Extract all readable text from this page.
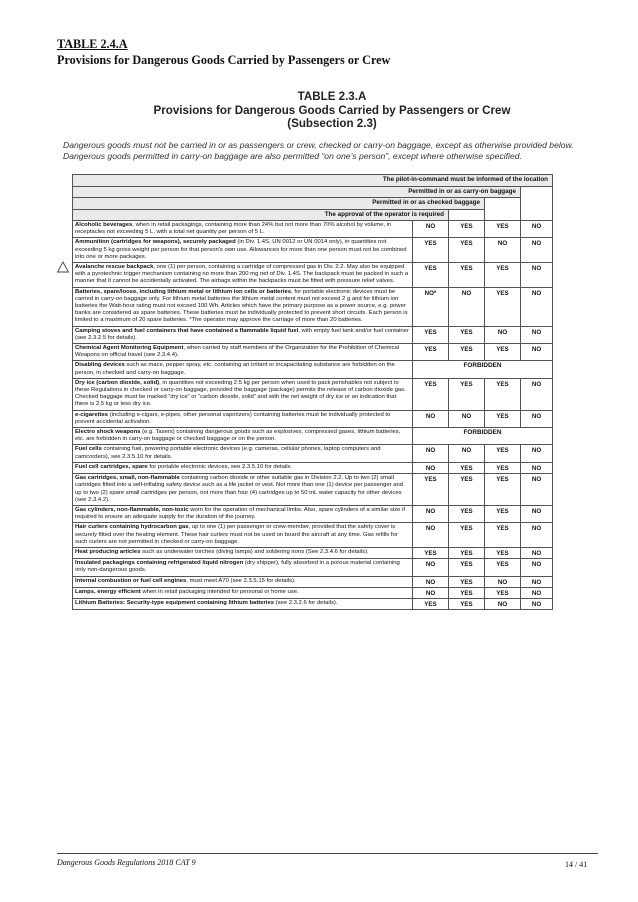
TABLE 2.4.A
Provisions for Dangerous Goods Carried by Passengers or Crew
TABLE 2.3.A
Provisions for Dangerous Goods Carried by Passengers or Crew
(Subsection 2.3)
Dangerous goods must not be carried in or as passengers or crew, checked or carry-on baggage, except as otherwise provided below. Dangerous goods permitted in carry-on baggage are also permitted “on one’s person”, except where otherwise specified.
The pilot-in-command must be informed of the location				
Permitted in or as carry-on baggage				
Permitted in or as checked baggage				
The approval of the operator is required				
Alcoholic beverages, when in retail packagings, containing more than 24% but not more than 70% alcohol by volume, in receptacles not exceeding 5 L, with a total net quantity per person of 5 L.	NO	YES	YES	NO
Ammunition (cartridges for weapons), securely packaged (in Div. 1.4S, UN 0012 or UN 0014 only), in quantities not exceeding 5 kg gross weight per person for that person's own use. Allowances for more than one person must not be combined into one or more packages.	YES	YES	NO	NO
Avalanche rescue backpack, one (1) per person, containing a cartridge of compressed gas in Div. 2.2. May also be equipped with a pyrotechnic trigger mechanism containing no more than 200 mg net of Div. 1.4S. The backpack must be packed in such a manner that it cannot be accidentally activated. The airbags within the backpacks must be fitted with pressure relief valves.	YES	YES	YES	NO
Batteries, spare/loose, including lithium metal or lithium ion cells or batteries, for portable electronic devices must be carried in carry-on baggage only. For lithium metal batteries the lithium metal content must not exceed 2 g and for lithium ion batteries the Watt-hour rating must not exceed 100 Wh. Articles which have the primary purpose as a power source, e.g. power banks are considered as spare batteries. These batteries must be individually protected to prevent short circuits. Each person is limited to a maximum of 20 spare batteries. *The operator may approve the carriage of more than 20 batteries.	NO*	NO	YES	NO
Camping stoves and fuel containers that have contained a flammable liquid fuel, with empty fuel tank and/or fuel container (see 2.3.2.5 for details).	YES	YES	NO	NO
Chemical Agent Monitoring Equipment, when carried by staff members of the Organization for the Prohibition of Chemical Weapons on official travel (see 2.3.4.4).	YES	YES	YES	NO
Disabling devices such as mace, pepper spray, etc. containing an irritant or incapacitating substance are forbidden on the person, in checked and carry-on baggage.	FORBIDDEN			
Dry ice (carbon dioxide, solid), in quantities not exceeding 2.5 kg per person when used to pack perishables not subject to these Regulations in checked or carry-on baggage, provided the baggage (package) permits the release of carbon dioxide gas. Checked baggage must be marked “dry ice” or “carbon dioxide, solid” and with the net weight of dry ice or an indication that there is 2.5 kg or less dry ice.	YES	YES	YES	NO
e-cigarettes (including e-cigars, e-pipes, other personal vaporizers) containing batteries must be individually protected to prevent accidental activation.	NO	NO	YES	NO
Electro shock weapons (e.g. Tasers) containing dangerous goods such as explosives, compressed gases, lithium batteries, etc. are forbidden in carry-on baggage or checked baggage or on the person.	FORBIDDEN			
Fuel cells containing fuel, powering portable electronic devices (e.g. cameras, cellular phones, laptop computers and camcorders), see 2.3.5.10 for details.	NO	NO	YES	NO
Fuel cell cartridges, spare for portable electronic devices, see 2.3.5.10 for details.	NO	YES	YES	NO
Gas cartridges, small, non-flammable containing carbon dioxide or other suitable gas in Division 2.2. Up to two (2) small cartridges fitted into a self-inflating safety device such as a life jacket or vest. Not more than one (1) device per passenger and up to two (2) spare small cartridges per person, not more than four (4) cartridges up to 50 mL water capacity for other devices (see 2.3.4.2).	YES	YES	YES	NO
Gas cylinders, non-flammable, non-toxic worn for the operation of mechanical limbs. Also, spare cylinders of a similar size if required to ensure an adequate supply for the duration of the journey.	NO	YES	YES	NO
Hair curlers containing hydrocarbon gas, up to one (1) per passenger or crew-member, provided that the safety cover is securely fitted over the heating element. These hair curlers must not be used on board the aircraft at any time. Gas refills for such curlers are not permitted in checked or carry-on baggage.	NO	YES	YES	NO
Heat producing articles such as underwater torches (diving lamps) and soldering irons (See 2.3.4.6 for details).	YES	YES	YES	NO
Insulated packagings containing refrigerated liquid nitrogen (dry shipper), fully absorbed in a porous material containing only non-dangerous goods.	NO	YES	YES	NO
Internal combustion or fuel cell engines, must meet A70 (see 2.3.5.15 for details).	NO	YES	NO	NO
Lamps, energy efficient when in retail packaging intended for personal or home use.	NO	YES	YES	NO
Lithium Batteries: Security-type equipment containing lithium batteries (see 2.3.2.6 for details).	YES	YES	NO	NO
Dangerous Goods Regulations 2018 CAT 9	14 / 41
